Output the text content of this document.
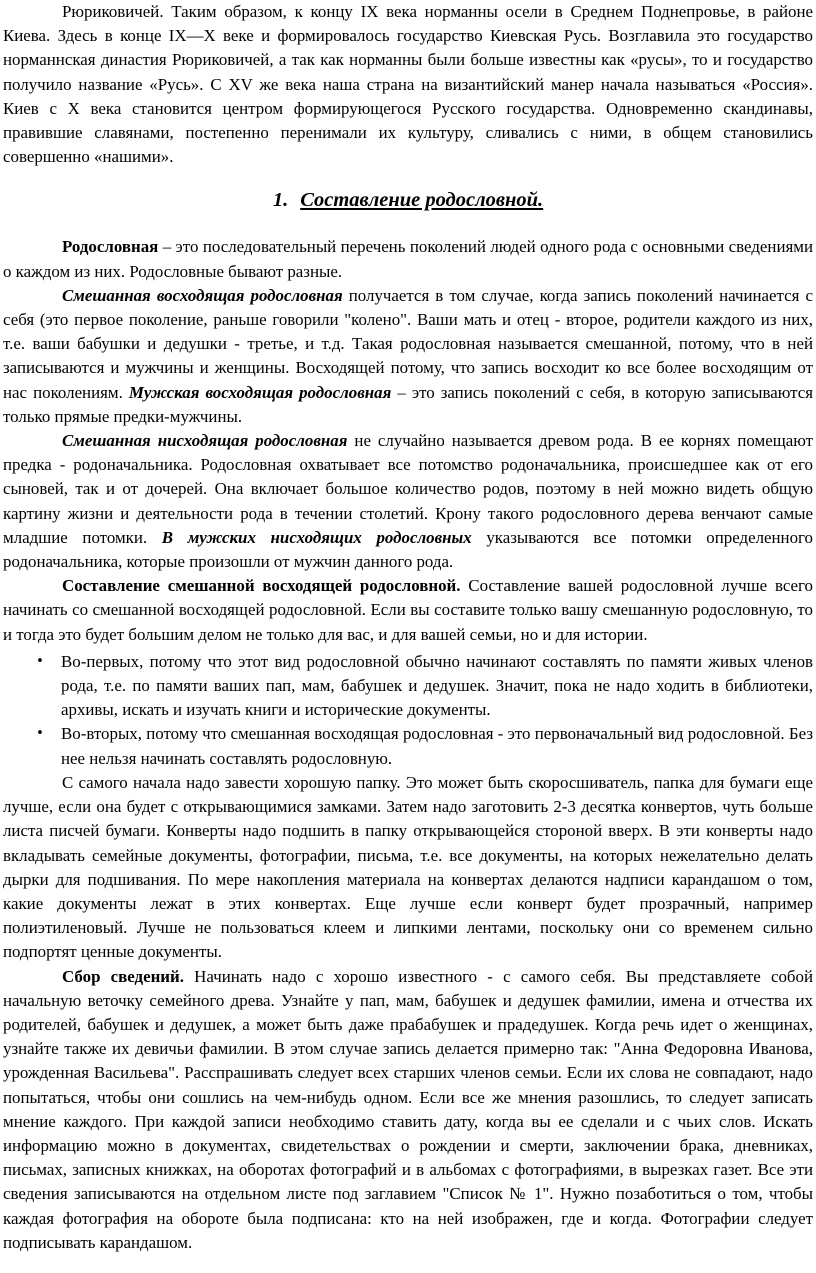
Рюриковичей. Таким образом, к концу IX века норманны осели в Среднем Поднепровье, в районе Киева. Здесь в конце IX—X веке и формировалось государство Киевская Русь. Возглавила это государство норманнская династия Рюриковичей, а так как норманны были больше известны как «русы», то и государство получило название «Русь». С XV же века наша страна на византийский манер начала называться «Россия». Киев с X века становится центром формирующегося Русского государства. Одновременно скандинавы, правившие славянами, постепенно перенимали их культуру, сливались с ними, в общем становились совершенно «нашими».

1. Составление родословной.

Родословная – это последовательный перечень поколений людей одного рода с основными сведениями о каждом из них. Родословные бывают разные.

Смешанная восходящая родословная получается в том случае, когда запись поколений начинается с себя (это первое поколение, раньше говорили "колено". Ваши мать и отец - второе, родители каждого из них, т.е. ваши бабушки и дедушки - третье, и т.д. Такая родословная называется смешанной, потому, что в ней записываются и мужчины и женщины. Восходящей потому, что запись восходит ко все более восходящим от нас поколениям. Мужская восходящая родословная – это запись поколений с себя, в которую записываются только прямые предки-мужчины.

Смешанная нисходящая родословная не случайно называется древом рода. В ее корнях помещают предка - родоначальника. Родословная охватывает все потомство родоначальника, происшедшее как от его сыновей, так и от дочерей. Она включает большое количество родов, поэтому в ней можно видеть общую картину жизни и деятельности рода в течении столетий. Крону такого родословного дерева венчают самые младшие потомки. В мужских нисходящих родословных указываются все потомки определенного родоначальника, которые произошли от мужчин данного рода.

Составление смешанной восходящей родословной. Составление вашей родословной лучше всего начинать со смешанной восходящей родословной. Если вы составите только вашу смешанную родословную, то и тогда это будет большим делом не только для вас, и для вашей семьи, но и для истории.

• Во-первых, потому что этот вид родословной обычно начинают составлять по памяти живых членов рода, т.е. по памяти ваших пап, мам, бабушек и дедушек. Значит, пока не надо ходить в библиотеки, архивы, искать и изучать книги и исторические документы.
• Во-вторых, потому что смешанная восходящая родословная - это первоначальный вид родословной. Без нее нельзя начинать составлять родословную.

С самого начала надо завести хорошую папку. Это может быть скоросшиватель, папка для бумаги еще лучше, если она будет с открывающимися замками. Затем надо заготовить 2-3 десятка конвертов, чуть больше листа писчей бумаги. Конверты надо подшить в папку открывающейся стороной вверх. В эти конверты надо вкладывать семейные документы, фотографии, письма, т.е. все документы, на которых нежелательно делать дырки для подшивания. По мере накопления материала на конвертах делаются надписи карандашом о том, какие документы лежат в этих конвертах. Еще лучше если конверт будет прозрачный, например полиэтиленовый. Лучше не пользоваться клеем и липкими лентами, поскольку они со временем сильно подпортят ценные документы.

Сбор сведений. Начинать надо с хорошо известного - с самого себя. Вы представляете собой начальную веточку семейного древа. Узнайте у пап, мам, бабушек и дедушек фамилии, имена и отчества их родителей, бабушек и дедушек, а может быть даже прабабушек и прадедушек. Когда речь идет о женщинах, узнайте также их девичьи фамилии. В этом случае запись делается примерно так: "Анна Федоровна Иванова, урожденная Васильева". Расспрашивать следует всех старших членов семьи. Если их слова не совпадают, надо попытаться, чтобы они сошлись на чем-нибудь одном. Если все же мнения разошлись, то следует записать мнение каждого. При каждой записи необходимо ставить дату, когда вы ее сделали и с чьих слов. Искать информацию можно в документах, свидетельствах о рождении и смерти, заключении брака, дневниках, письмах, записных книжках, на оборотах фотографий и в альбомах с фотографиями, в вырезках газет. Все эти сведения записываются на отдельном листе под заглавием "Список № 1". Нужно позаботиться о том, чтобы каждая фотография на обороте была подписана: кто на ней изображен, где и когда. Фотографии следует подписывать карандашом.
